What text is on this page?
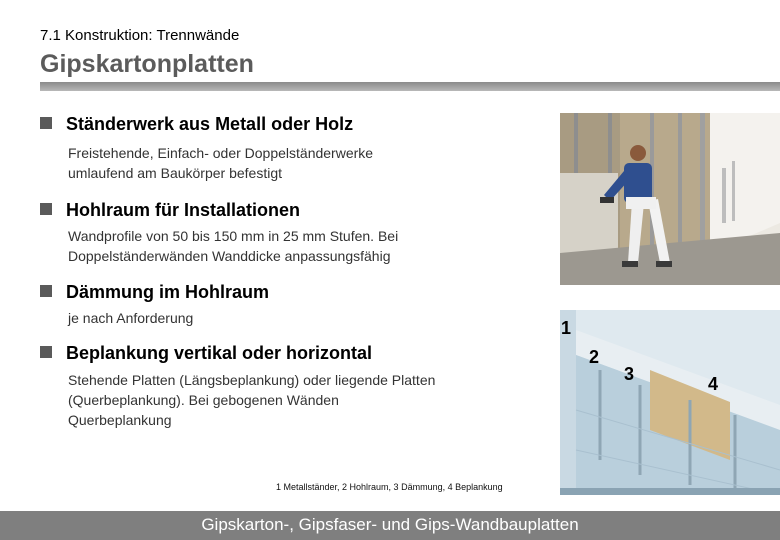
7.1 Konstruktion: Trennwände
Gipskartonplatten
Ständerwerk aus Metall oder Holz
Freistehende, Einfach- oder Doppelständerwerke
umlaufend am Baukörper befestigt
Hohlraum für Installationen
Wandprofile von 50 bis 150 mm in 25 mm Stufen. Bei
Doppelständerwänden Wanddicke anpassungsfähig
Dämmung im Hohlraum
je nach Anforderung
Beplankung vertikal oder horizontal
Stehende Platten (Längsbeplankung) oder liegende Platten
(Querbeplankung). Bei gebogenen Wänden
Querbeplankung
1
2
3	4
1 Metallständer, 2 Hohlraum, 3 Dämmung, 4 Beplankung
Gipskarton-, Gipsfaser- und Gips-Wandbauplatten
